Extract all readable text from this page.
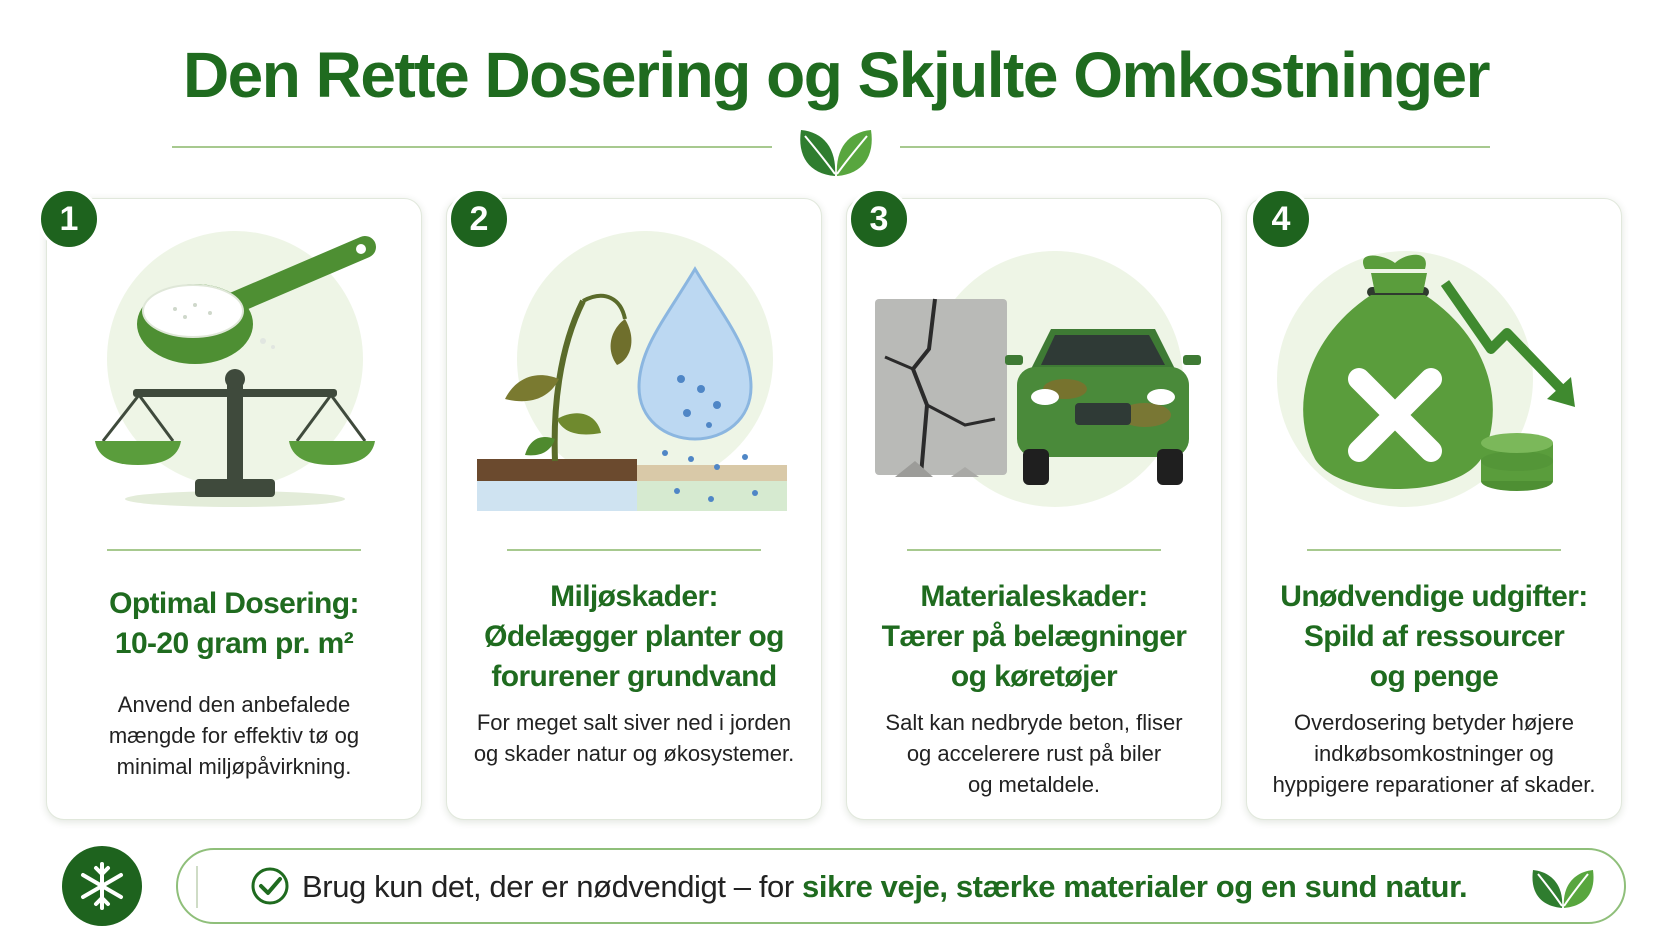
Den Rette Dosering og Skjulte Omkostninger
1	2	3	4
Optimal Dosering:
10-20 gram pr. m²
Anvend den anbefalede
mængde for effektiv tø og
minimal miljøpåvirkning.
Miljøskader:
Ødelægger planter og
forurener grundvand
For meget salt siver ned i jorden
og skader natur og økosystemer.
Materialeskader:
Tærer på belægninger
og køretøjer
Salt kan nedbryde beton, fliser
og accelerere rust på biler
og metaldele.
Unødvendige udgifter:
Spild af ressourcer
og penge
Overdosering betyder højere
indkøbsomkostninger og
hyppigere reparationer af skader.
Brug kun det, der er nødvendigt – for sikre veje, stærke materialer og en sund natur.
